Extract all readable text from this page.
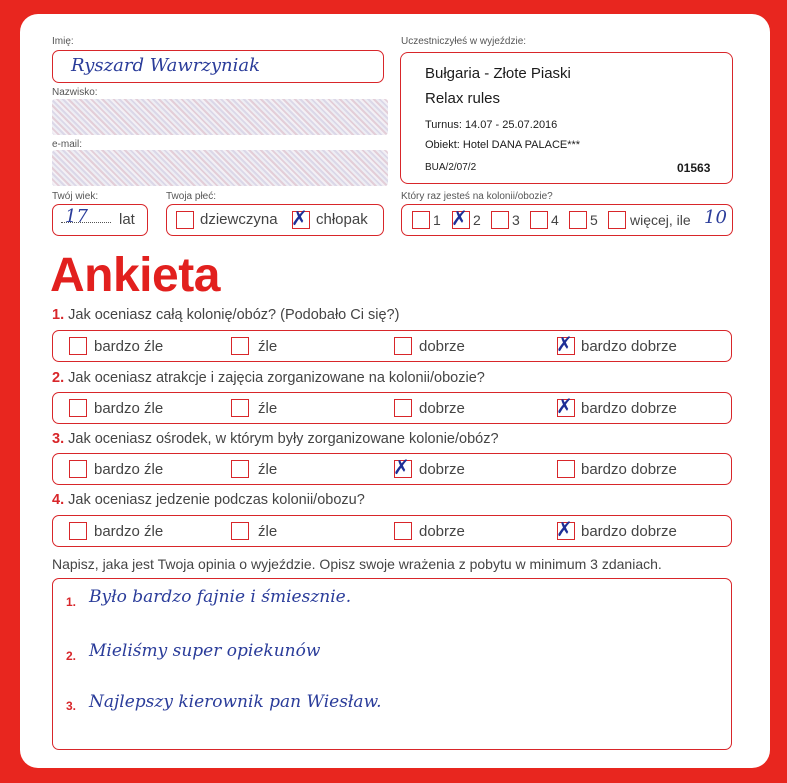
Imię:
Ryszard Wawrzyniak
Nazwisko:
e-mail:
Twój wiek:
17 lat
Twoja płeć:
dziewczyna ✗ chłopak
Uczestniczyłeś w wyjeździe:
Bułgaria - Złote Piaski
Relax rules
Turnus: 14.07 - 25.07.2016
Obiekt: Hotel DANA PALACE***
BUA/2/07/2	01563
Który raz jesteś na kolonii/obozie?
1 ✗ 2 3 4 5 więcej, ile 10
Ankieta
1. Jak oceniasz całą kolonię/obóz? (Podobało Ci się?)
bardzo źle	źle	dobrze	✗ bardzo dobrze
2. Jak oceniasz atrakcje i zajęcia zorganizowane na kolonii/obozie?
bardzo źle	źle	dobrze	✗ bardzo dobrze
3. Jak oceniasz ośrodek, w którym były zorganizowane kolonie/obóz?
bardzo źle	źle	✗ dobrze	bardzo dobrze
4. Jak oceniasz jedzenie podczas kolonii/obozu?
bardzo źle	źle	dobrze	✗ bardzo dobrze
Napisz, jaka jest Twoja opinia o wyjeździe. Opisz swoje wrażenia z pobytu w minimum 3 zdaniach.
1. Było bardzo fajnie i śmiesznie.
2. Mieliśmy super opiekunów
3. Najlepszy kierownik pan Wiesław.
